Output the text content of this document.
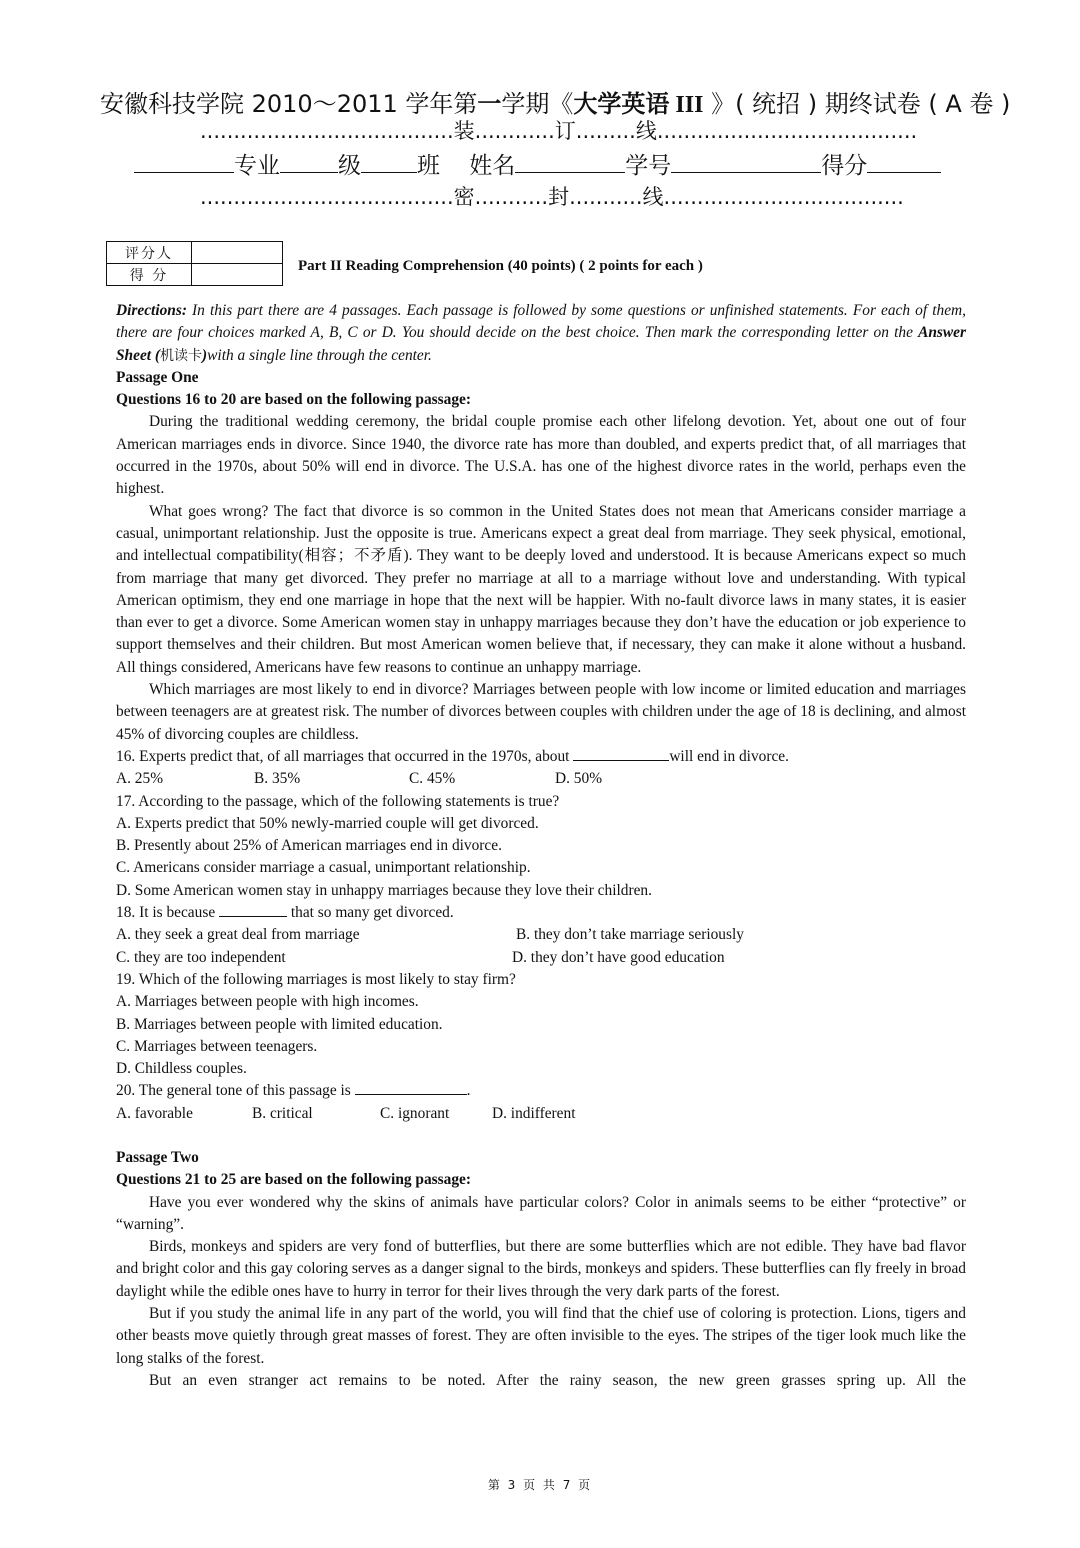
安徽科技学院 2010～2011 学年第一学期《大学英语 III 》( 统招 ) 期终试卷 ( A 卷 )
......................................装............订.........线.......................................
专业	级 班 姓名	学号	得分
......................................密...........封...........线....................................
评分人	
得 分	
Part II Reading Comprehension (40 points) ( 2 points for each )

Directions: In this part there are 4 passages. Each passage is followed by some questions or unfinished statements. For each of them, there are four choices marked A, B, C or D. You should decide on the best choice. Then mark the corresponding letter on the Answer Sheet (机读卡)with a single line through the center.

Passage One

Questions 16 to 20 are based on the following passage:

During the traditional wedding ceremony, the bridal couple promise each other lifelong devotion. Yet, about one out of four American marriages ends in divorce. Since 1940, the divorce rate has more than doubled, and experts predict that, of all marriages that occurred in the 1970s, about 50% will end in divorce. The U.S.A. has one of the highest divorce rates in the world, perhaps even the highest.

What goes wrong? The fact that divorce is so common in the United States does not mean that Americans consider marriage a casual, unimportant relationship. Just the opposite is true. Americans expect a great deal from marriage. They seek physical, emotional, and intellectual compatibility(相容；不矛盾). They want to be deeply loved and understood. It is because Americans expect so much from marriage that many get divorced. They prefer no marriage at all to a marriage without love and understanding. With typical American optimism, they end one marriage in hope that the next will be happier. With no-fault divorce laws in many states, it is easier than ever to get a divorce. Some American women stay in unhappy marriages because they don’t have the education or job experience to support themselves and their children. But most American women believe that, if necessary, they can make it alone without a husband. All things considered, Americans have few reasons to continue an unhappy marriage.

Which marriages are most likely to end in divorce? Marriages between people with low income or limited education and marriages between teenagers are at greatest risk. The number of divorces between couples with children under the age of 18 is declining, and almost 45% of divorcing couples are childless.

16. Experts predict that, of all marriages that occurred in the 1970s, about	will end in divorce.

A. 25%	B. 35%	C. 45%	D. 50%

17. According to the passage, which of the following statements is true?

A. Experts predict that 50% newly-married couple will get divorced.

B. Presently about 25% of American marriages end in divorce.

C. Americans consider marriage a casual, unimportant relationship.

D. Some American women stay in unhappy marriages because they love their children.

18. It is because	that so many get divorced.

A. they seek a great deal from marriage	B. they don’t take marriage seriously
C. they are too independent	D. they don’t have good education

19. Which of the following marriages is most likely to stay firm?

A. Marriages between people with high incomes.

B. Marriages between people with limited education.

C. Marriages between teenagers.

D. Childless couples.

20. The general tone of this passage is	.

A. favorable	B. critical	C. ignorant	D. indifferent

Passage Two

Questions 21 to 25 are based on the following passage:

Have you ever wondered why the skins of animals have particular colors? Color in animals seems to be either “protective” or “warning”.

Birds, monkeys and spiders are very fond of butterflies, but there are some butterflies which are not edible. They have bad flavor and bright color and this gay coloring serves as a danger signal to the birds, monkeys and spiders. These butterflies can fly freely in broad daylight while the edible ones have to hurry in terror for their lives through the very dark parts of the forest.

But if you study the animal life in any part of the world, you will find that the chief use of coloring is protection. Lions, tigers and other beasts move quietly through great masses of forest. They are often invisible to the eyes. The stripes of the tiger look much like the long stalks of the forest.

But an even stranger act remains to be noted. After the rainy season, the new green grasses spring up. All the

第 3 页 共 7 页
